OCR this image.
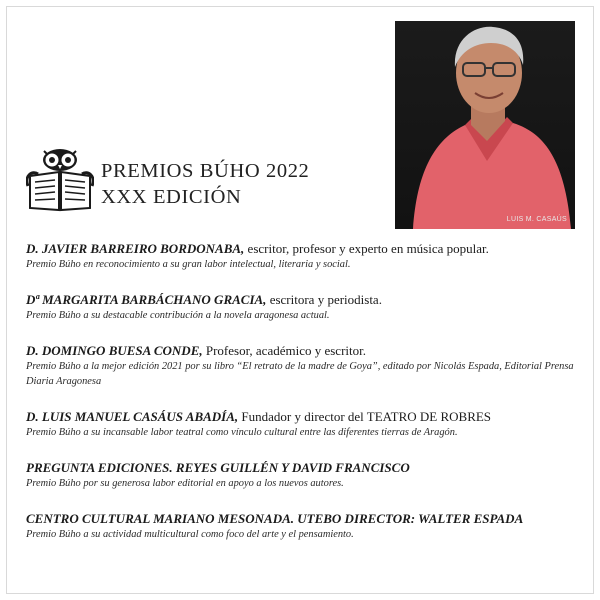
LUIS M. CASAÚS
PREMIOS BÚHO 2022
XXX EDICIÓN
D. JAVIER BARREIRO BORDONABA, escritor, profesor y experto en música popular.
Premio Búho en reconocimiento a su gran labor intelectual, literaria y social.
Dª MARGARITA BARBÁCHANO GRACIA, escritora y periodista.
Premio Búho a su destacable contribución a la novela aragonesa actual.
D. DOMINGO BUESA CONDE, Profesor, académico y escritor.
Premio Búho a la mejor edición 2021 por su libro “El retrato de la madre de Goya”, editado por Nicolás Espada, Editorial Prensa Diaria Aragonesa
D. LUIS MANUEL CASÁUS ABADÍA, Fundador y director del TEATRO DE ROBRES
Premio Búho a su incansable labor teatral como vínculo cultural entre las diferentes tierras de Aragón.
PREGUNTA EDICIONES. REYES GUILLÉN Y DAVID FRANCISCO
Premio Búho por su generosa labor editorial en apoyo a los nuevos autores.
CENTRO CULTURAL MARIANO MESONADA. UTEBO DIRECTOR: WALTER ESPADA
Premio Búho a su actividad multicultural como foco del arte y el pensamiento.
